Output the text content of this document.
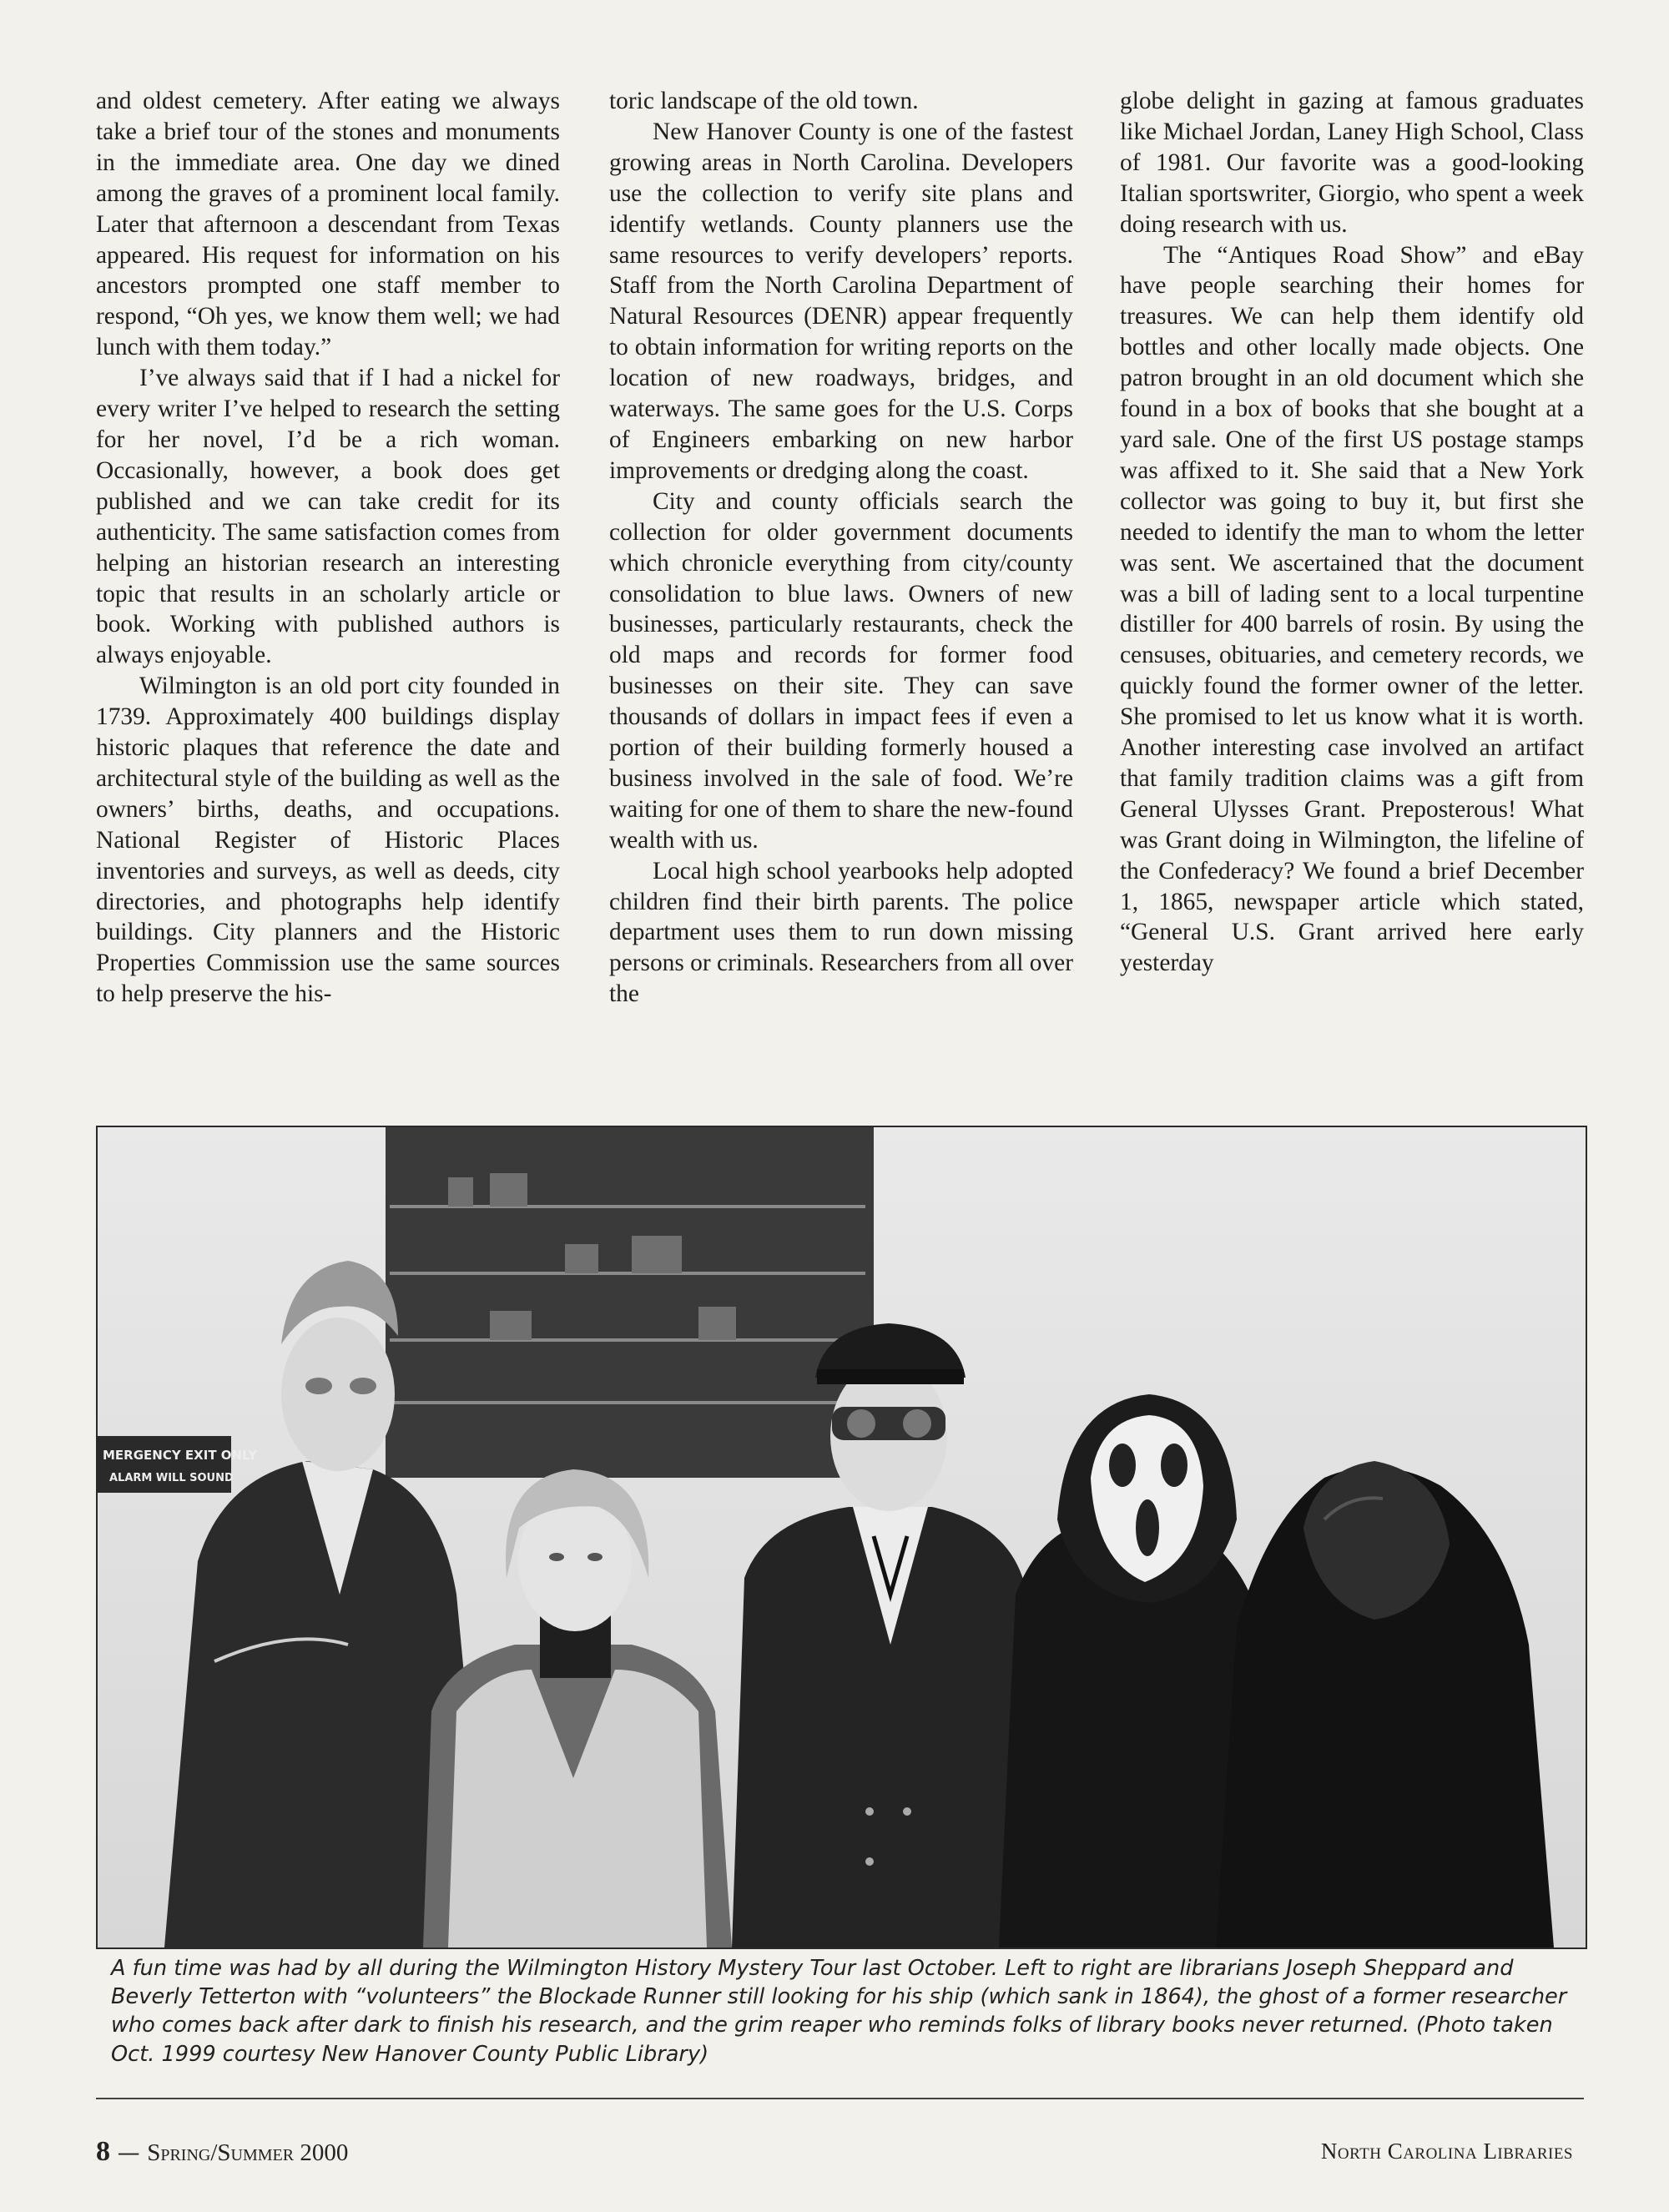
and oldest cemetery. After eating we always take a brief tour of the stones and monuments in the immediate area. One day we dined among the graves of a prominent local family. Later that afternoon a descendant from Texas appeared. His request for information on his ancestors prompted one staff member to respond, “Oh yes, we know them well; we had lunch with them today.”

I’ve always said that if I had a nickel for every writer I’ve helped to research the setting for her novel, I’d be a rich woman. Occasionally, however, a book does get published and we can take credit for its authenticity. The same satisfaction comes from helping an historian research an interesting topic that results in an scholarly article or book. Working with published authors is always enjoyable.

Wilmington is an old port city founded in 1739. Approximately 400 buildings display historic plaques that reference the date and architectural style of the building as well as the owners’ births, deaths, and occupations. National Register of Historic Places inventories and surveys, as well as deeds, city directories, and photographs help identify buildings. City planners and the Historic Properties Commission use the same sources to help preserve the his-

toric landscape of the old town.

New Hanover County is one of the fastest growing areas in North Carolina. Developers use the collection to verify site plans and identify wetlands. County planners use the same resources to verify developers’ reports. Staff from the North Carolina Department of Natural Resources (DENR) appear frequently to obtain information for writing reports on the location of new roadways, bridges, and waterways. The same goes for the U.S. Corps of Engineers embarking on new harbor improvements or dredging along the coast.

City and county officials search the collection for older government documents which chronicle everything from city/county consolidation to blue laws. Owners of new businesses, particularly restaurants, check the old maps and records for former food businesses on their site. They can save thousands of dollars in impact fees if even a portion of their building formerly housed a business involved in the sale of food. We’re waiting for one of them to share the new-found wealth with us.

Local high school yearbooks help adopted children find their birth parents. The police department uses them to run down missing persons or criminals. Researchers from all over the

globe delight in gazing at famous graduates like Michael Jordan, Laney High School, Class of 1981. Our favorite was a good-looking Italian sportswriter, Giorgio, who spent a week doing research with us.

The “Antiques Road Show” and eBay have people searching their homes for treasures. We can help them identify old bottles and other locally made objects. One patron brought in an old document which she found in a box of books that she bought at a yard sale. One of the first US postage stamps was affixed to it. She said that a New York collector was going to buy it, but first she needed to identify the man to whom the letter was sent. We ascertained that the document was a bill of lading sent to a local turpentine distiller for 400 barrels of rosin. By using the censuses, obituaries, and cemetery records, we quickly found the former owner of the letter. She promised to let us know what it is worth. Another interesting case involved an artifact that family tradition claims was a gift from General Ulysses Grant. Preposterous! What was Grant doing in Wilmington, the lifeline of the Confederacy? We found a brief December 1, 1865, newspaper article which stated, “General U.S. Grant arrived here early yesterday

MERGENCY EXIT ONLY
ALARM WILL SOUND
A fun time was had by all during the Wilmington History Mystery Tour last October. Left to right are librarians Joseph Sheppard and Beverly Tetterton with “volunteers” the Blockade Runner still looking for his ship (which sank in 1864), the ghost of a former researcher who comes back after dark to finish his research, and the grim reaper who reminds folks of library books never returned. (Photo taken Oct. 1999 courtesy New Hanover County Public Library)
8 — Spring/Summer 2000	North Carolina Libraries
